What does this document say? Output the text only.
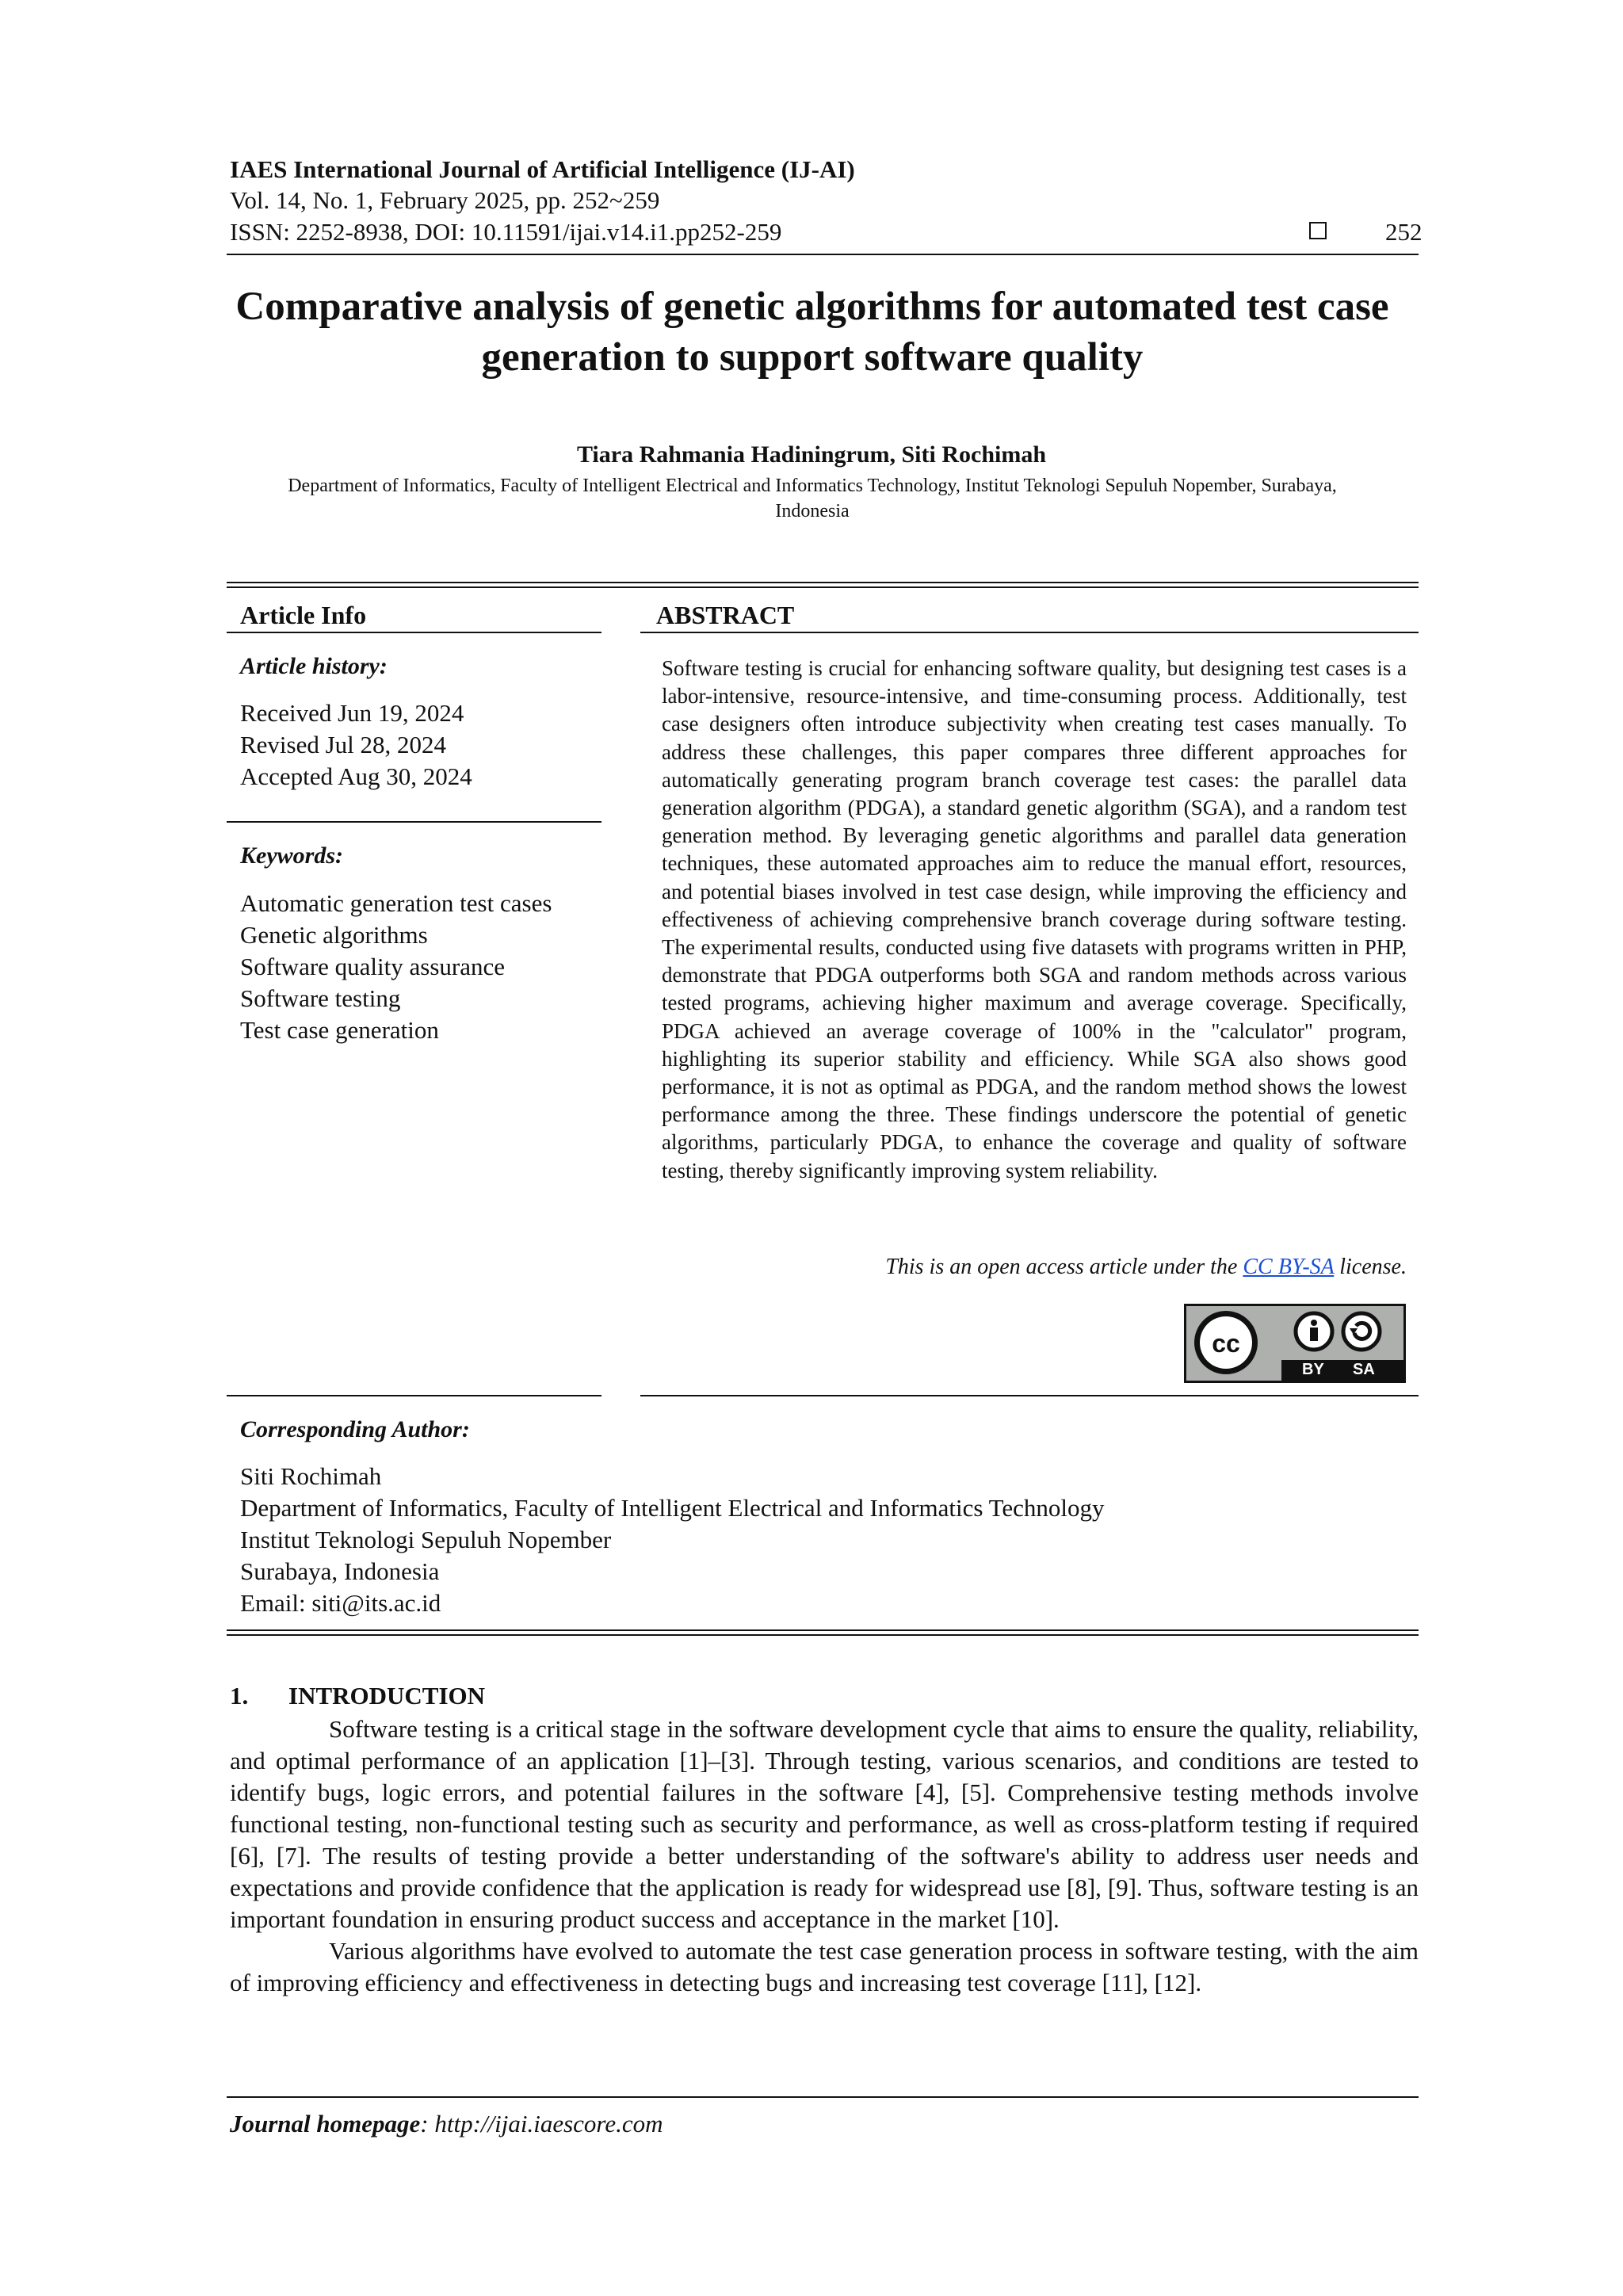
IAES International Journal of Artificial Intelligence (IJ-AI)
Vol. 14, No. 1, February 2025, pp. 252~259
ISSN: 2252-8938, DOI: 10.11591/ijai.v14.i1.pp252-259	252
Comparative analysis of genetic algorithms for automated test case generation to support software quality
Tiara Rahmania Hadiningrum, Siti Rochimah
Department of Informatics, Faculty of Intelligent Electrical and Informatics Technology, Institut Teknologi Sepuluh Nopember, Surabaya, Indonesia
Article Info
Article history:
Received Jun 19, 2024
Revised Jul 28, 2024
Accepted Aug 30, 2024
Keywords:
Automatic generation test cases
Genetic algorithms
Software quality assurance
Software testing
Test case generation
ABSTRACT
Software testing is crucial for enhancing software quality, but designing test cases is a labor-intensive, resource-intensive, and time-consuming process. Additionally, test case designers often introduce subjectivity when creating test cases manually. To address these challenges, this paper compares three different approaches for automatically generating program branch coverage test cases: the parallel data generation algorithm (PDGA), a standard genetic algorithm (SGA), and a random test generation method. By leveraging genetic algorithms and parallel data generation techniques, these automated approaches aim to reduce the manual effort, resources, and potential biases involved in test case design, while improving the efficiency and effectiveness of achieving comprehensive branch coverage during software testing. The experimental results, conducted using five datasets with programs written in PHP, demonstrate that PDGA outperforms both SGA and random methods across various tested programs, achieving higher maximum and average coverage. Specifically, PDGA achieved an average coverage of 100% in the "calculator" program, highlighting its superior stability and efficiency. While SGA also shows good performance, it is not as optimal as PDGA, and the random method shows the lowest performance among the three. These findings underscore the potential of genetic algorithms, particularly PDGA, to enhance the coverage and quality of software testing, thereby significantly improving system reliability.
This is an open access article under the CC BY-SA license.
cc
BY SA
Corresponding Author:
Siti Rochimah
Department of Informatics, Faculty of Intelligent Electrical and Informatics Technology
Institut Teknologi Sepuluh Nopember
Surabaya, Indonesia
Email: siti@its.ac.id
1. INTRODUCTION

Software testing is a critical stage in the software development cycle that aims to ensure the quality, reliability, and optimal performance of an application [1]–[3]. Through testing, various scenarios, and conditions are tested to identify bugs, logic errors, and potential failures in the software [4], [5]. Comprehensive testing methods involve functional testing, non-functional testing such as security and performance, as well as cross-platform testing if required [6], [7]. The results of testing provide a better understanding of the software's ability to address user needs and expectations and provide confidence that the application is ready for widespread use [8], [9]. Thus, software testing is an important foundation in ensuring product success and acceptance in the market [10].

Various algorithms have evolved to automate the test case generation process in software testing, with the aim of improving efficiency and effectiveness in detecting bugs and increasing test coverage [11], [12].

Journal homepage: http://ijai.iaescore.com
